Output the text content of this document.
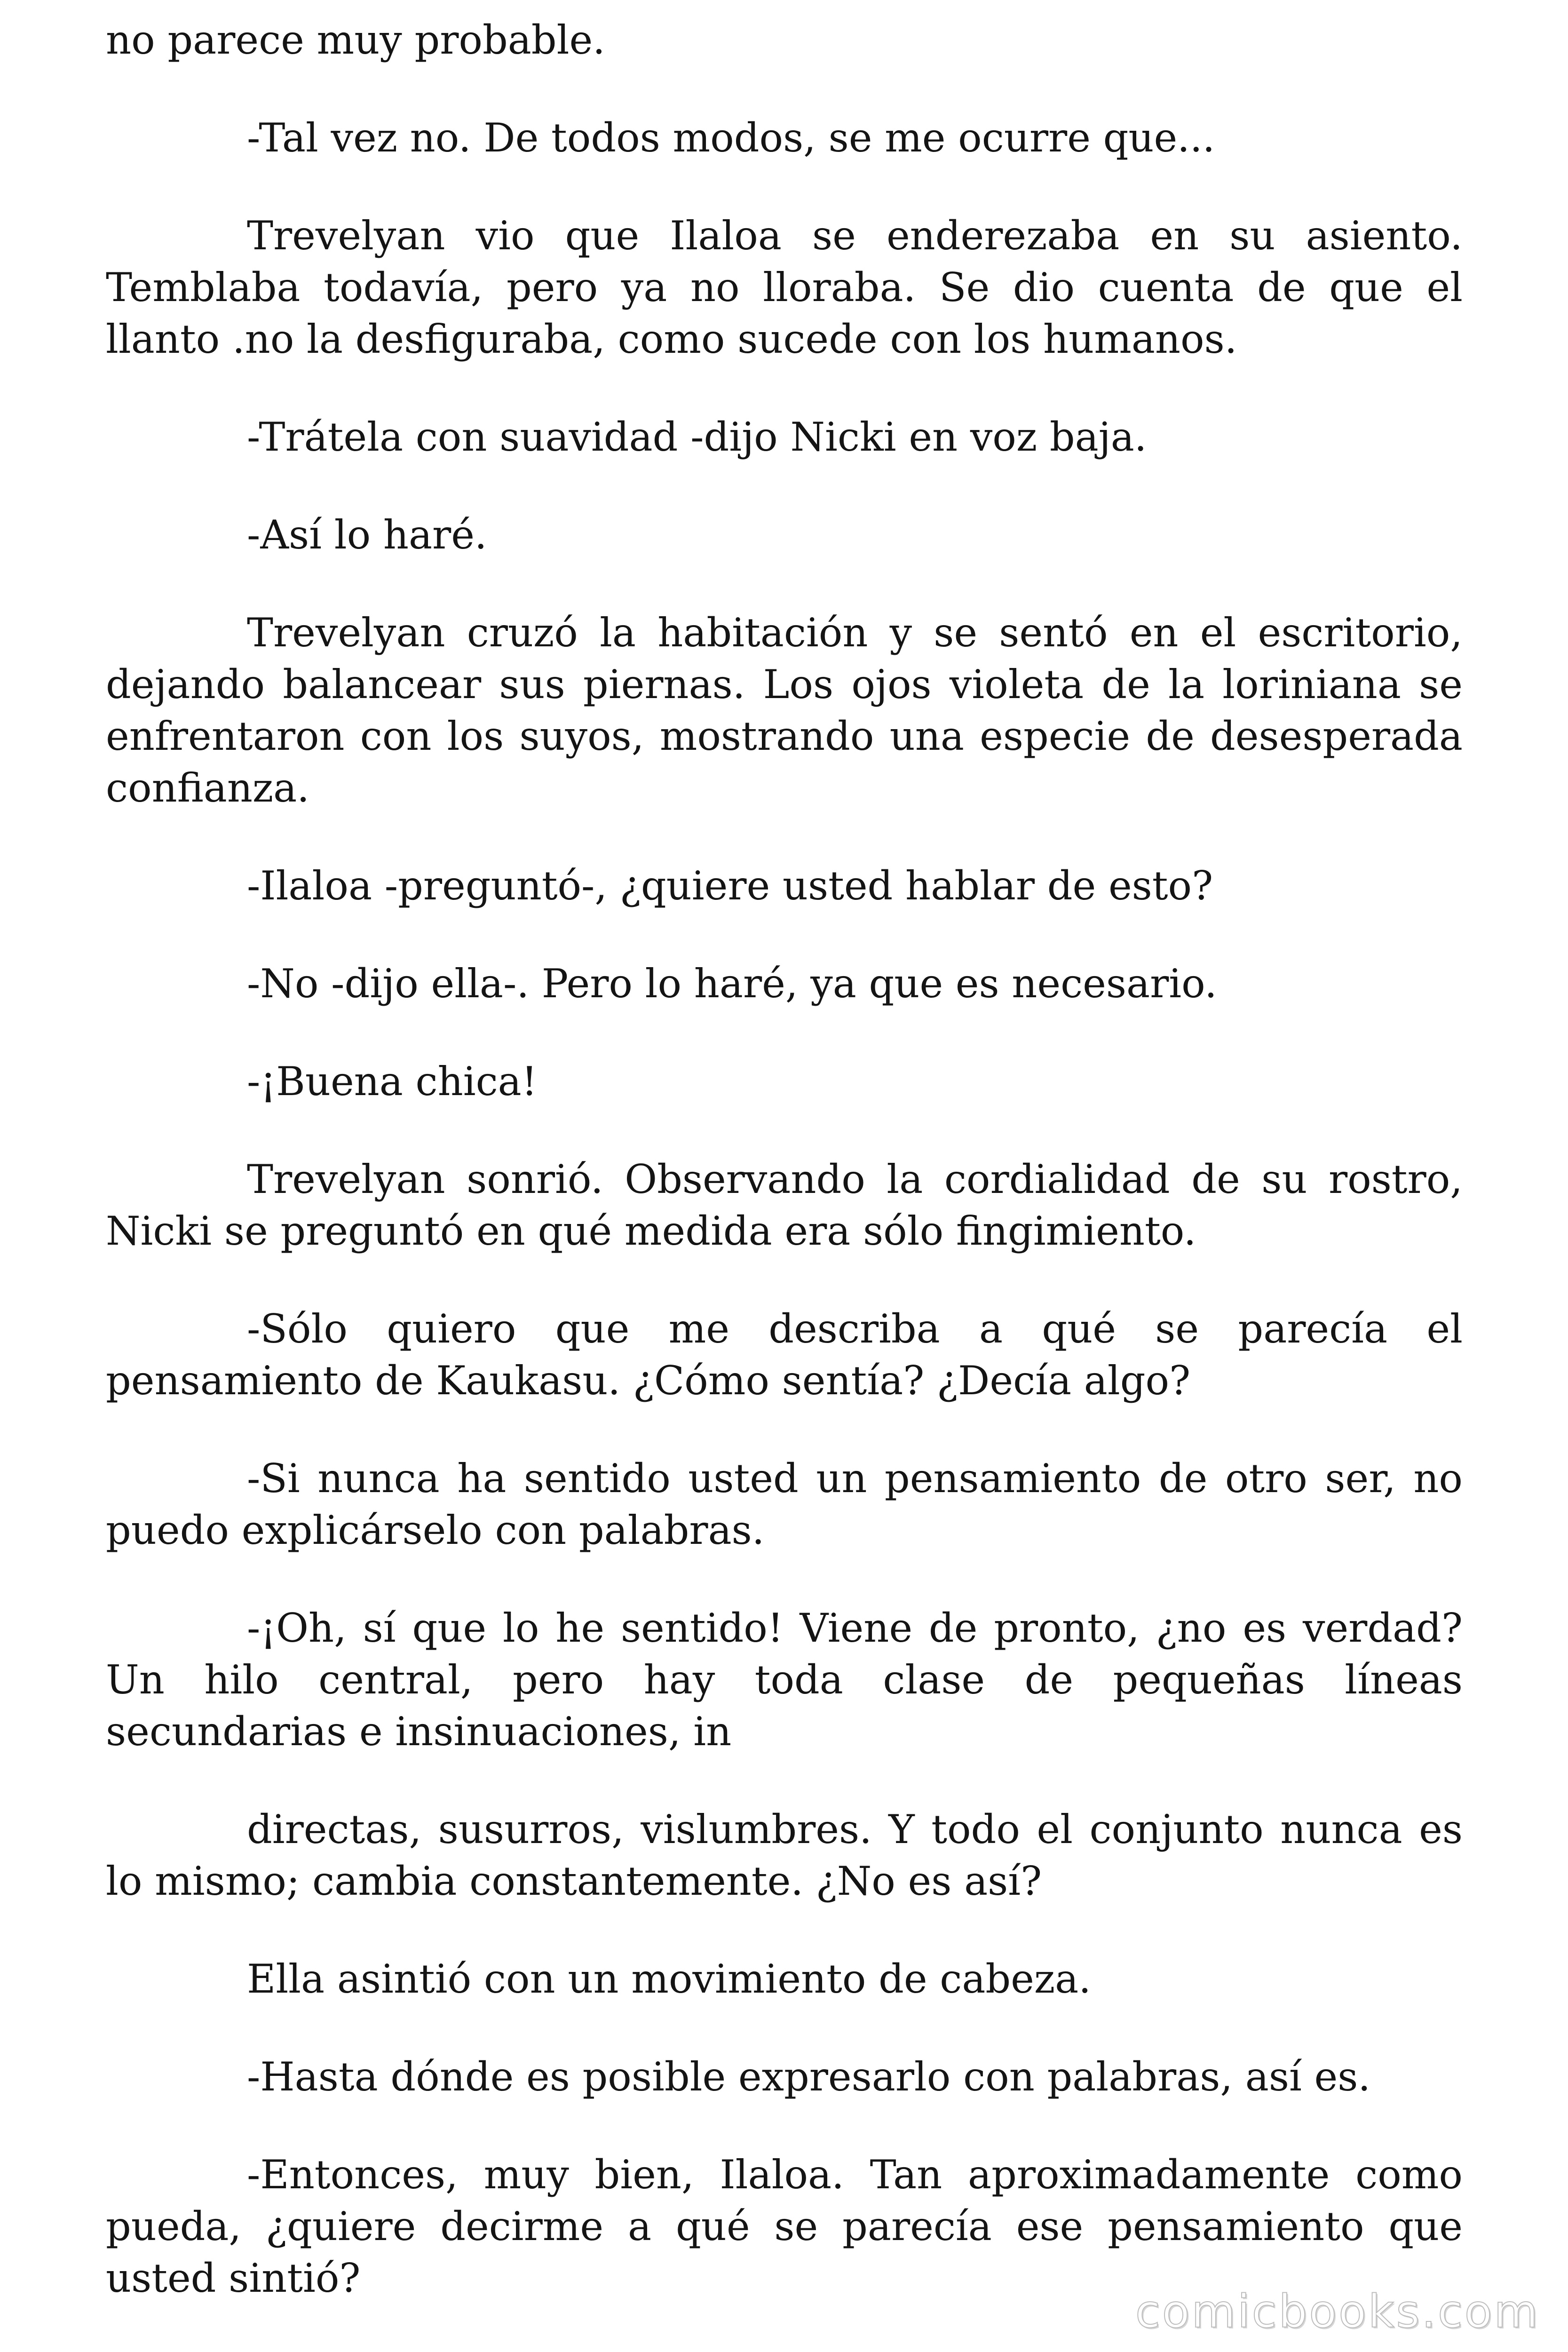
no parece muy probable.

-Tal vez no. De todos modos, se me ocurre que...

Trevelyan vio que Ilaloa se enderezaba en su asiento. Temblaba todavía, pero ya no lloraba. Se dio cuenta de que el llanto .no la desfiguraba, como sucede con los humanos.

-Trátela con suavidad -dijo Nicki en voz baja.

-Así lo haré.

Trevelyan cruzó la habitación y se sentó en el escritorio, dejando balancear sus piernas. Los ojos violeta de la loriniana se enfrentaron con los suyos, mostrando una especie de desesperada confianza.

-Ilaloa -preguntó-, ¿quiere usted hablar de esto?

-No -dijo ella-. Pero lo haré, ya que es necesario.

-¡Buena chica!

Trevelyan sonrió. Observando la cordialidad de su rostro, Nicki se preguntó en qué medida era sólo fingimiento.

-Sólo quiero que me describa a qué se parecía el pensamiento de Kaukasu. ¿Cómo sentía? ¿Decía algo?

-Si nunca ha sentido usted un pensamiento de otro ser, no puedo explicárselo con palabras.

-¡Oh, sí que lo he sentido! Viene de pronto, ¿no es verdad? Un hilo central, pero hay toda clase de pequeñas líneas secundarias e insinuaciones, in

directas, susurros, vislumbres. Y todo el conjunto nunca es lo mismo; cambia constantemente. ¿No es así?

Ella asintió con un movimiento de cabeza.

-Hasta dónde es posible expresarlo con palabras, así es.

-Entonces, muy bien, Ilaloa. Tan aproximadamente como pueda, ¿quiere decirme a qué se parecía ese pensamiento que usted sintió?

comicbooks.com
